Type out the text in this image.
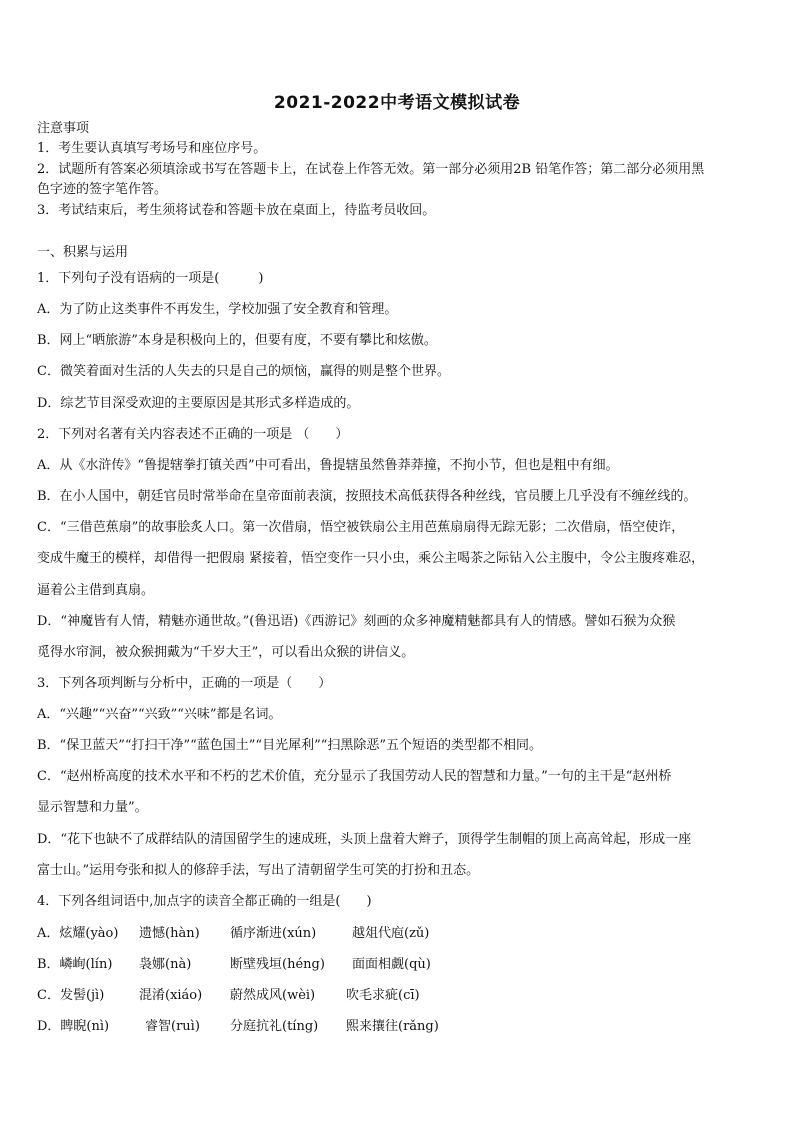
2021-2022中考语文模拟试卷
注意事项
1．考生要认真填写考场号和座位序号。
2．试题所有答案必须填涂或书写在答题卡上，在试卷上作答无效。第一部分必须用2B 铅笔作答；第二部分必须用黑
色字迹的签字笔作答。
3．考试结束后，考生须将试卷和答题卡放在桌面上，待监考员收回。
一、积累与运用
1．下列句子没有语病的一项是(　　　)
A．为了防止这类事件不再发生，学校加强了安全教育和管理。
B．网上“晒旅游”本身是积极向上的，但要有度，不要有攀比和炫傲。
C．微笑着面对生活的人失去的只是自己的烦恼，赢得的则是整个世界。
D．综艺节目深受欢迎的主要原因是其形式多样造成的。
2．下列对名著有关内容表述不正确的一项是 （　　）
A．从《水浒传》“鲁提辖拳打镇关西”中可看出，鲁提辖虽然鲁莽莽撞，不拘小节，但也是粗中有细。
B．在小人国中，朝廷官员时常举命在皇帝面前表演，按照技术高低获得各种丝线，官员腰上几乎没有不缠丝线的。
C．“三借芭蕉扇”的故事脍炙人口。第一次借扇，悟空被铁扇公主用芭蕉扇扇得无踪无影；二次借扇，悟空使诈，
变成牛魔王的模样，却借得一把假扇 紧接着，悟空变作一只小虫，乘公主喝茶之际钻入公主腹中，令公主腹疼难忍，
逼着公主借到真扇。
D．“神魔皆有人情，精魅亦通世故。”(鲁迅语)《西游记》刻画的众多神魔精魅都具有人的情感。譬如石猴为众猴
觅得水帘洞，被众猴拥戴为“千岁大王”，可以看出众猴的讲信义。
3．下列各项判断与分析中，正确的一项是（　　）
A．“兴趣”“兴奋”“兴致”“兴味”都是名词。
B．“保卫蓝天”“打扫干净”“蓝色国土”“目光犀利”“扫黑除恶”五个短语的类型都不相同。
C．“赵州桥高度的技术水平和不朽的艺术价值，充分显示了我国劳动人民的智慧和力量。”一句的主干是“赵州桥
显示智慧和力量”。
D．“花下也缺不了成群结队的清国留学生的速成班，头顶上盘着大辫子，顶得学生制帽的顶上高高耸起，形成一座
富士山。”运用夸张和拟人的修辞手法，写出了清朝留学生可笑的打扮和丑态。
4．下列各组词语中,加点字的读音全都正确的一组是(　　)
A．炫耀(yào) 遗憾(hàn) 循序渐进(xún)	越俎代庖(zǔ)
B．嶙峋(lín) 袅娜(nà)	断壁残垣(héng) 面面相觑(qù)
C．发髻(jì)	混淆(xiáo) 蔚然成风(wèi) 吹毛求疵(cī)
D．睥睨(nì)	睿智(ruì) 分庭抗礼(tíng) 熙来攘往(rǎng)
